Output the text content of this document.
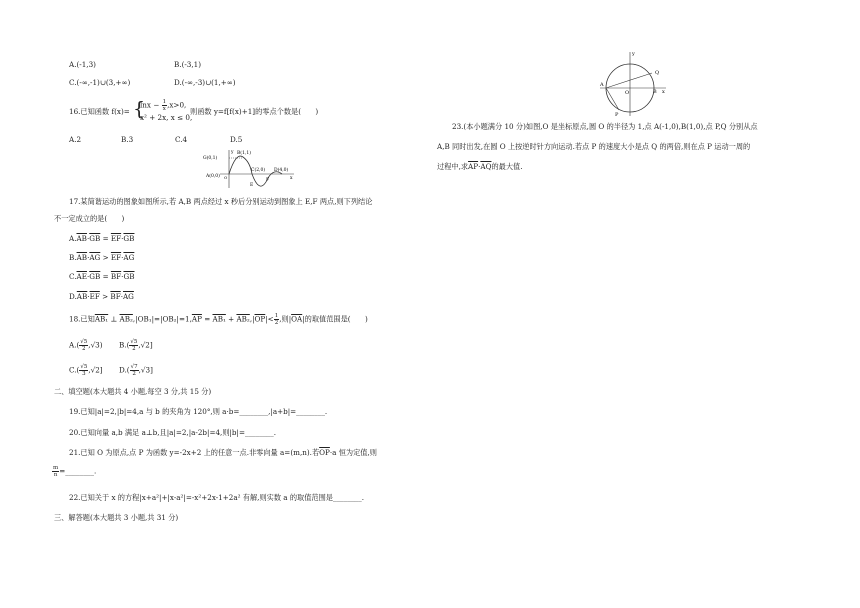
A.(-1,3)	B.(-3,1)
C.(-∞,-1)∪(3,+∞)	D.(-∞,-3)∪(1,+∞)
16.已知函数 f(x)= {
$\ln x - \frac{1}{x} ,x>0$,
x² + 2x, x ≤ 0,
则函数 y=f[f(x)+1]的零点个数是(　　)
A.2	B.3	C.4	D.5
G(0,1)
B(1,1)
C(2,0) D(4,0)
A(0,0)
E
F
O	x
y
17.某简谐运动的图象如图所示,若 A,B 两点经过 x 秒后分别运动到图象上 E,F 两点,则下列结论
不一定成立的是(　　)
$A.\overline{AB}\cdot\overline{GB} = \overline{EF}\cdot\overline{GB}$
$B.\overline{AB}\cdot\overline{AG} > \overline{EF}\cdot\overline{AG}$
$C.\overline{AE}\cdot\overline{GB} = \overline{BF}\cdot\overline{GB}$
$D.\overline{AB}\cdot\overline{EF} > \overline{BF}\cdot\overline{AG}$
18.已知AB₁ ⊥ $AB_2,|OB_1|=|OB_2|=1,\overline{AP} = AB_1 + AB_2,|\overline{OP}|< \frac{1}{2}$ ,则$|\overline{OA}|$的取值范围是(　　)
$A.( \frac{√5}{2} ,√3)$ $B.( \frac{√5}{2} ,√2]$
$C.( \frac{√5}{3} ,√2]$ $D.( \frac{√7}{2} ,√3]$
二、填空题(本大题共 4 小题,每空 3 分,共 15 分)
19.已知|a|=2,|b|=4,a 与 b 的夹角为 120°,则 a·b=________,|a+b|=________.
20.已知向量 a,b 满足 a⊥b,且|a|=2,|a-2b|=4,则|b|=________.
21.已知 O 为原点,点 P 为函数 y=-2x+2 上的任意一点.非零向量 a=(m,n).若$\overline{OP}\cdot a$ 恒为定值,则
$\frac{m}{n}$ =________.
22.已知关于 x 的方程|x+a²|+|x-a²|=-x²+2x-1+2a² 有解,则实数 a 的取值范围是________.
三、解答题(本大题共 3 小题,共 31 分)
y
Q
A
O	B x
P
23.(本小题满分 10 分)如图,O 是坐标原点,圆 O 的半径为 1,点 A(-1,0),B(1,0),点 P,Q 分别从点
A,B 同时出发,在圆 O 上按逆时针方向运动.若点 P 的速度大小是点 Q 的两倍,则在点 P 运动一周的
过程中,求$\overline{AP}\cdot\overline{AQ}$的最大值.
